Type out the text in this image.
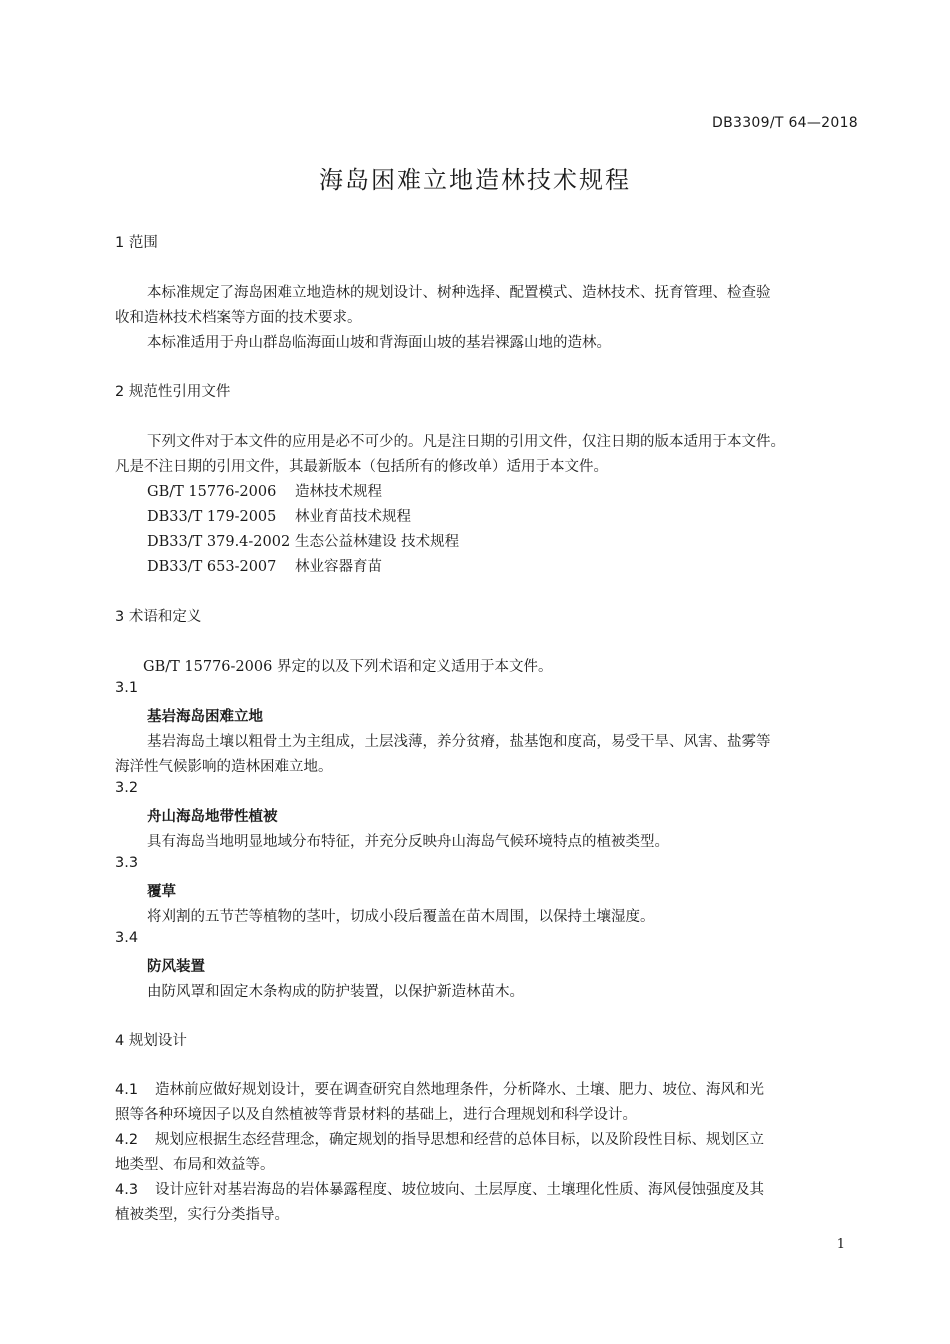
DB3309/T 64—2018
海岛困难立地造林技术规程
1 范围
本标准规定了海岛困难立地造林的规划设计、树种选择、配置模式、造林技术、抚育管理、检查验
收和造林技术档案等方面的技术要求。
本标准适用于舟山群岛临海面山坡和背海面山坡的基岩裸露山地的造林。
2 规范性引用文件
下列文件对于本文件的应用是必不可少的。凡是注日期的引用文件，仅注日期的版本适用于本文件。
凡是不注日期的引用文件，其最新版本（包括所有的修改单）适用于本文件。
GB/T 15776-2006 造林技术规程
DB33/T 179-2005 林业育苗技术规程
DB33/T 379.4-2002 生态公益林建设 技术规程
DB33/T 653-2007 林业容器育苗
3 术语和定义
GB/T 15776-2006 界定的以及下列术语和定义适用于本文件。
3.1
基岩海岛困难立地
基岩海岛土壤以粗骨土为主组成，土层浅薄，养分贫瘠，盐基饱和度高，易受干旱、风害、盐雾等
海洋性气候影响的造林困难立地。
3.2
舟山海岛地带性植被
具有海岛当地明显地域分布特征，并充分反映舟山海岛气候环境特点的植被类型。
3.3
覆草
将刈割的五节芒等植物的茎叶，切成小段后覆盖在苗木周围，以保持土壤湿度。
3.4
防风装置
由防风罩和固定木条构成的防护装置，以保护新造林苗木。
4 规划设计
4.1 造林前应做好规划设计，要在调查研究自然地理条件，分析降水、土壤、肥力、坡位、海风和光
照等各种环境因子以及自然植被等背景材料的基础上，进行合理规划和科学设计。
4.2 规划应根据生态经营理念，确定规划的指导思想和经营的总体目标，以及阶段性目标、规划区立
地类型、布局和效益等。
4.3 设计应针对基岩海岛的岩体暴露程度、坡位坡向、土层厚度、土壤理化性质、海风侵蚀强度及其
植被类型，实行分类指导。
1
